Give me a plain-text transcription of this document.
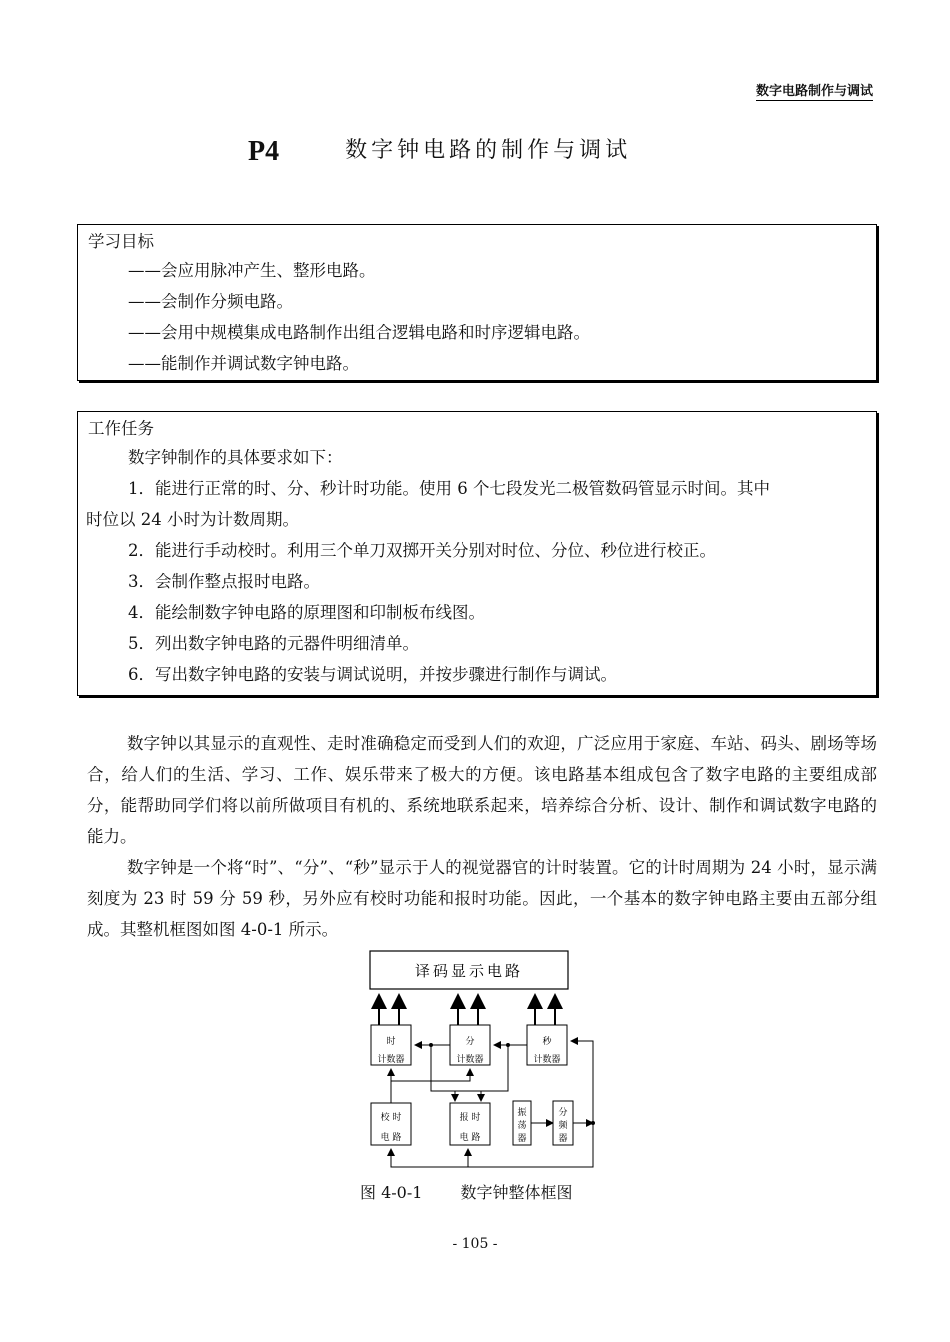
数字电路制作与调试
P4	数字钟电路的制作与调试
学习目标
——会应用脉冲产生、整形电路。
——会制作分频电路。
——会用中规模集成电路制作出组合逻辑电路和时序逻辑电路。
——能制作并调试数字钟电路。
工作任务
数字钟制作的具体要求如下：
1．能进行正常的时、分、秒计时功能。使用 6 个七段发光二极管数码管显示时间。其中
时位以 24 小时为计数周期。
2．能进行手动校时。利用三个单刀双掷开关分别对时位、分位、秒位进行校正。
3．会制作整点报时电路。
4．能绘制数字钟电路的原理图和印制板布线图。
5．列出数字钟电路的元器件明细清单。
6．写出数字钟电路的安装与调试说明，并按步骤进行制作与调试。

数字钟以其显示的直观性、走时准确稳定而受到人们的欢迎，广泛应用于家庭、车站、码头、剧场等场合，给人们的生活、学习、工作、娱乐带来了极大的方便。该电路基本组成包含了数字电路的主要组成部分，能帮助同学们将以前所做项目有机的、系统地联系起来，培养综合分析、设计、制作和调试数字电路的能力。

数字钟是一个将“时”、“分”、“秒”显示于人的视觉器官的计时装置。它的计时周期为 24 小时，显示满刻度为 23 时 59 分 59 秒，另外应有校时功能和报时功能。因此，一个基本的数字钟电路主要由五部分组成。其整机框图如图 4-0-1 所示。

译码显示电路
时
计数器
分
计数器
秒
计数器
校 时
电 路
报 时
电 路
振
荡
器
分
频
器
图 4-0-1 数字钟整体框图
- 105 -
